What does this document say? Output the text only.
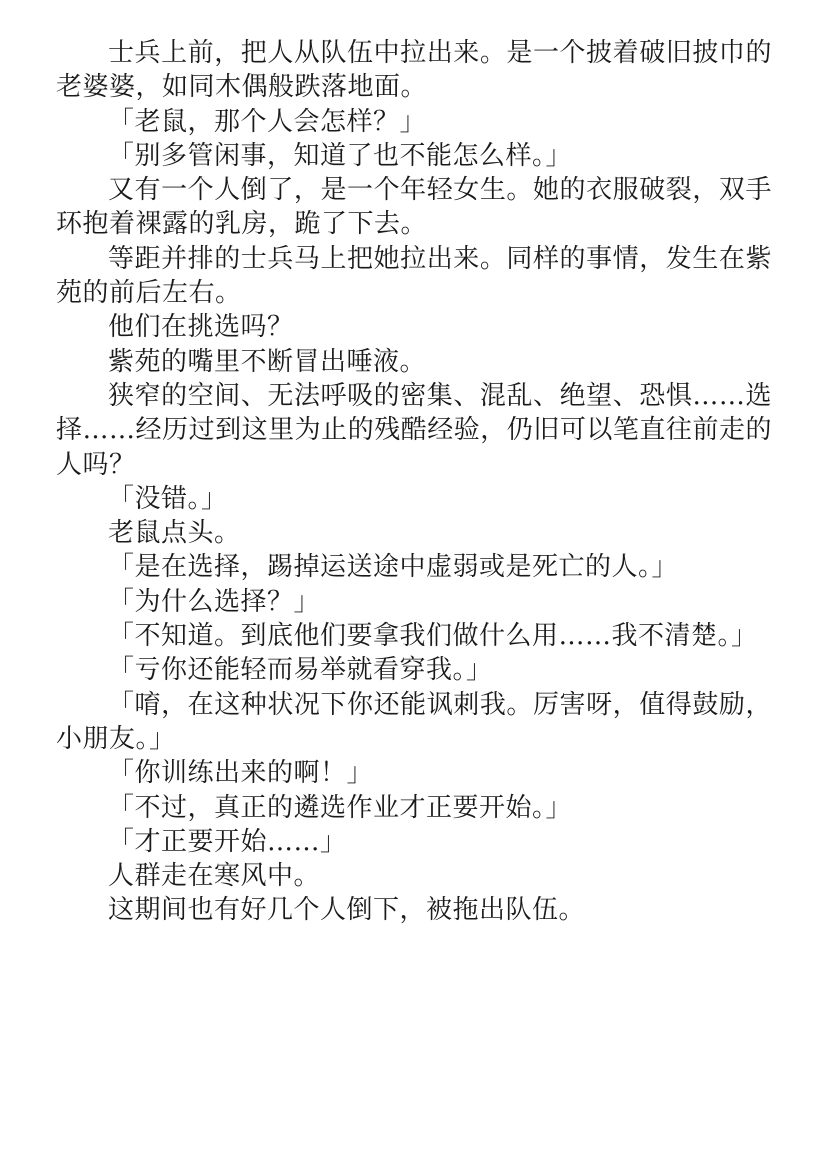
士兵上前，把人从队伍中拉出来。是一个披着破旧披巾的老婆婆，如同木偶般跌落地面。

「老鼠，那个人会怎样？」

「别多管闲事，知道了也不能怎么样。」

又有一个人倒了，是一个年轻女生。她的衣服破裂，双手环抱着裸露的乳房，跪了下去。

等距并排的士兵马上把她拉出来。同样的事情，发生在紫苑的前后左右。

他们在挑选吗？

紫苑的嘴里不断冒出唾液。

狭窄的空间、无法呼吸的密集、混乱、绝望、恐惧……选择……经历过到这里为止的残酷经验，仍旧可以笔直往前走的人吗？

「没错。」

老鼠点头。

「是在选择，踢掉运送途中虚弱或是死亡的人。」

「为什么选择？」

「不知道。到底他们要拿我们做什么用……我不清楚。」

「亏你还能轻而易举就看穿我。」

「唷，在这种状况下你还能讽刺我。厉害呀，值得鼓励，小朋友。」

「你训练出来的啊！」

「不过，真正的遴选作业才正要开始。」

「才正要开始……」

人群走在寒风中。

这期间也有好几个人倒下，被拖出队伍。
